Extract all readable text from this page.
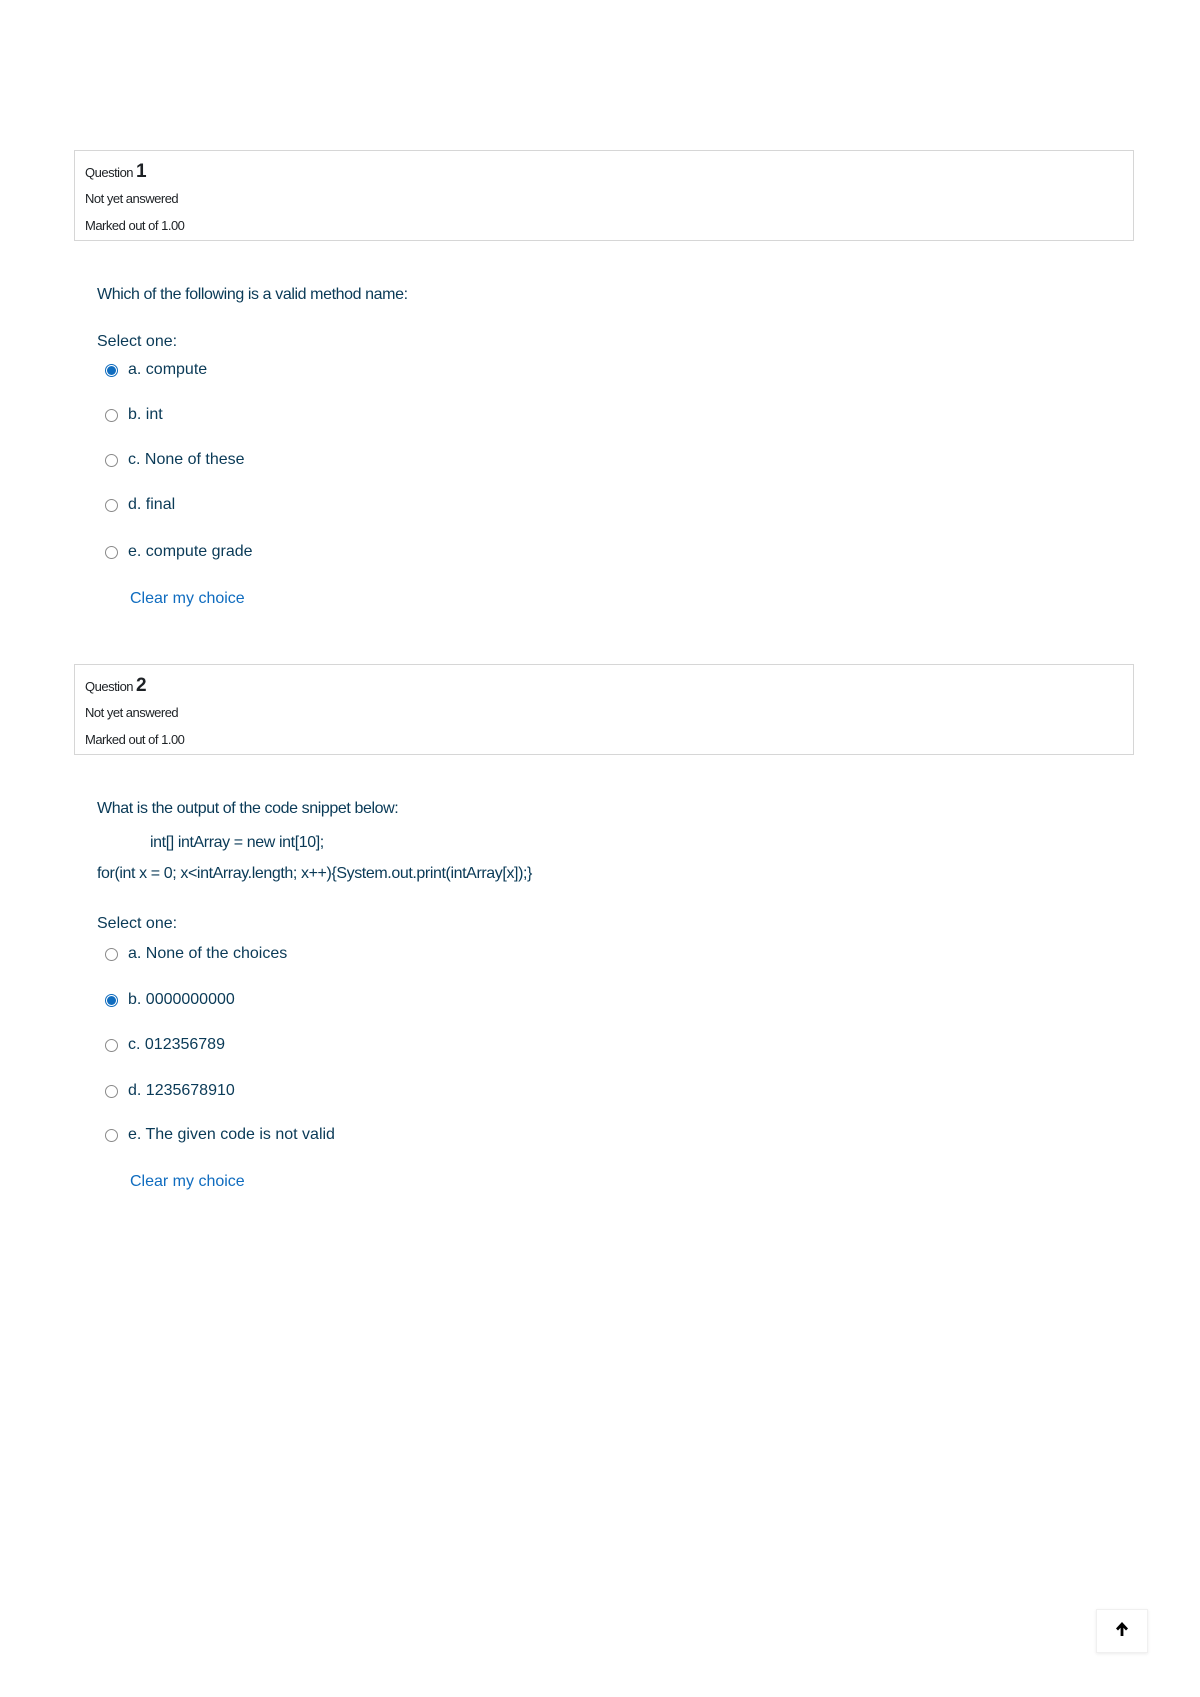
Question 1
Not yet answered
Marked out of 1.00
Which of the following is a valid method name:
Select one:
a. compute
b. int
c. None of these
d. final
e. compute grade
Clear my choice
Question 2
Not yet answered
Marked out of 1.00
What is the output of the code snippet below:
int[] intArray = new int[10];
for(int x = 0; x<intArray.length; x++){System.out.print(intArray[x]);}
Select one:
a. None of the choices
b. 0000000000
c. 012356789
d. 1235678910
e. The given code is not valid
Clear my choice
